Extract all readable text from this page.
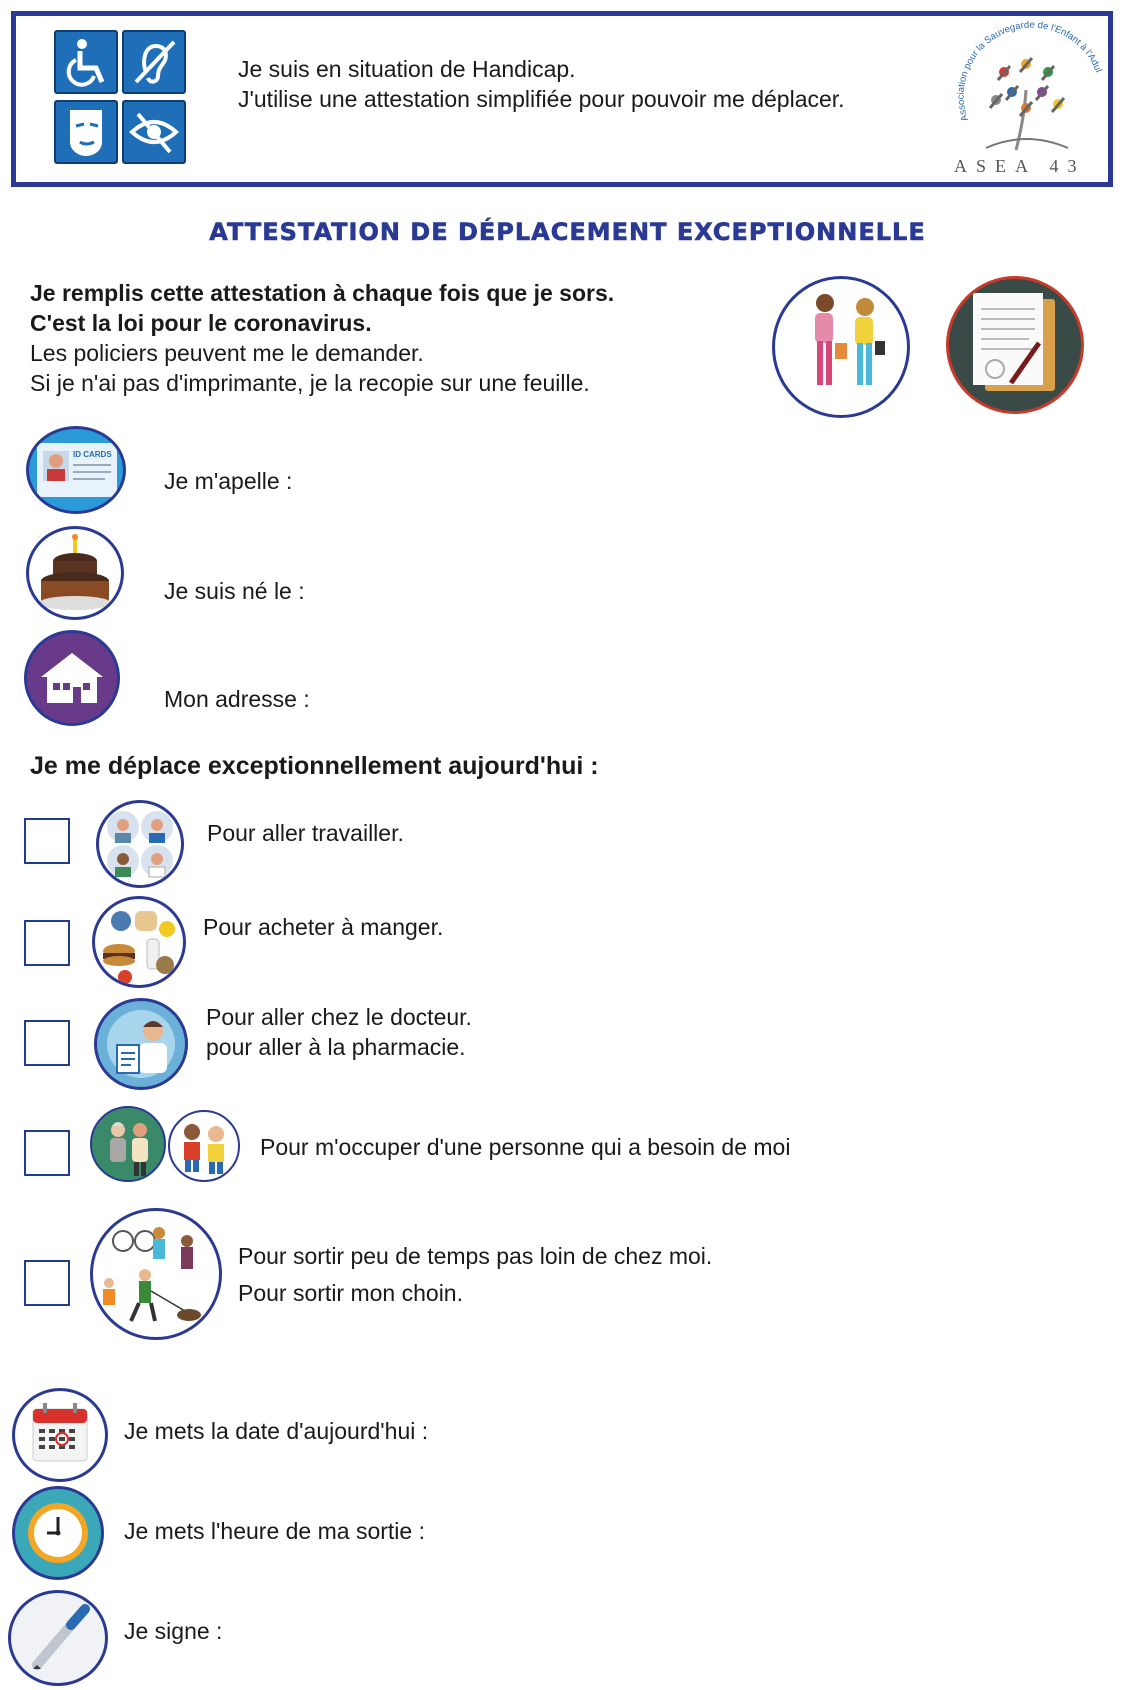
Je suis en situation de Handicap.
J'utilise une attestation simplifiée pour pouvoir me déplacer.
Association pour la Sauvegarde de l'Enfant à l'Adul
ASEA 43
ATTESTATION DE DÉPLACEMENT EXCEPTIONNELLE
Je remplis cette attestation à chaque fois que je sors.
C'est la loi pour le coronavirus.
Les policiers peuvent me le demander.
Si je n'ai pas d'imprimante, je la recopie sur une feuille.
ID CARDS
Je m'apelle :
Je suis né le :
Mon adresse :
Je me déplace exceptionnellement aujourd'hui :
Pour aller travailler.
Pour acheter à manger.
Pour aller chez le docteur.
pour aller à la pharmacie.
Pour m'occuper d'une personne qui a besoin de moi
Pour sortir peu de temps pas loin de chez moi.
Pour sortir mon choin.
Je mets la date d'aujourd'hui :
Je mets l'heure de ma sortie :
Je signe :
